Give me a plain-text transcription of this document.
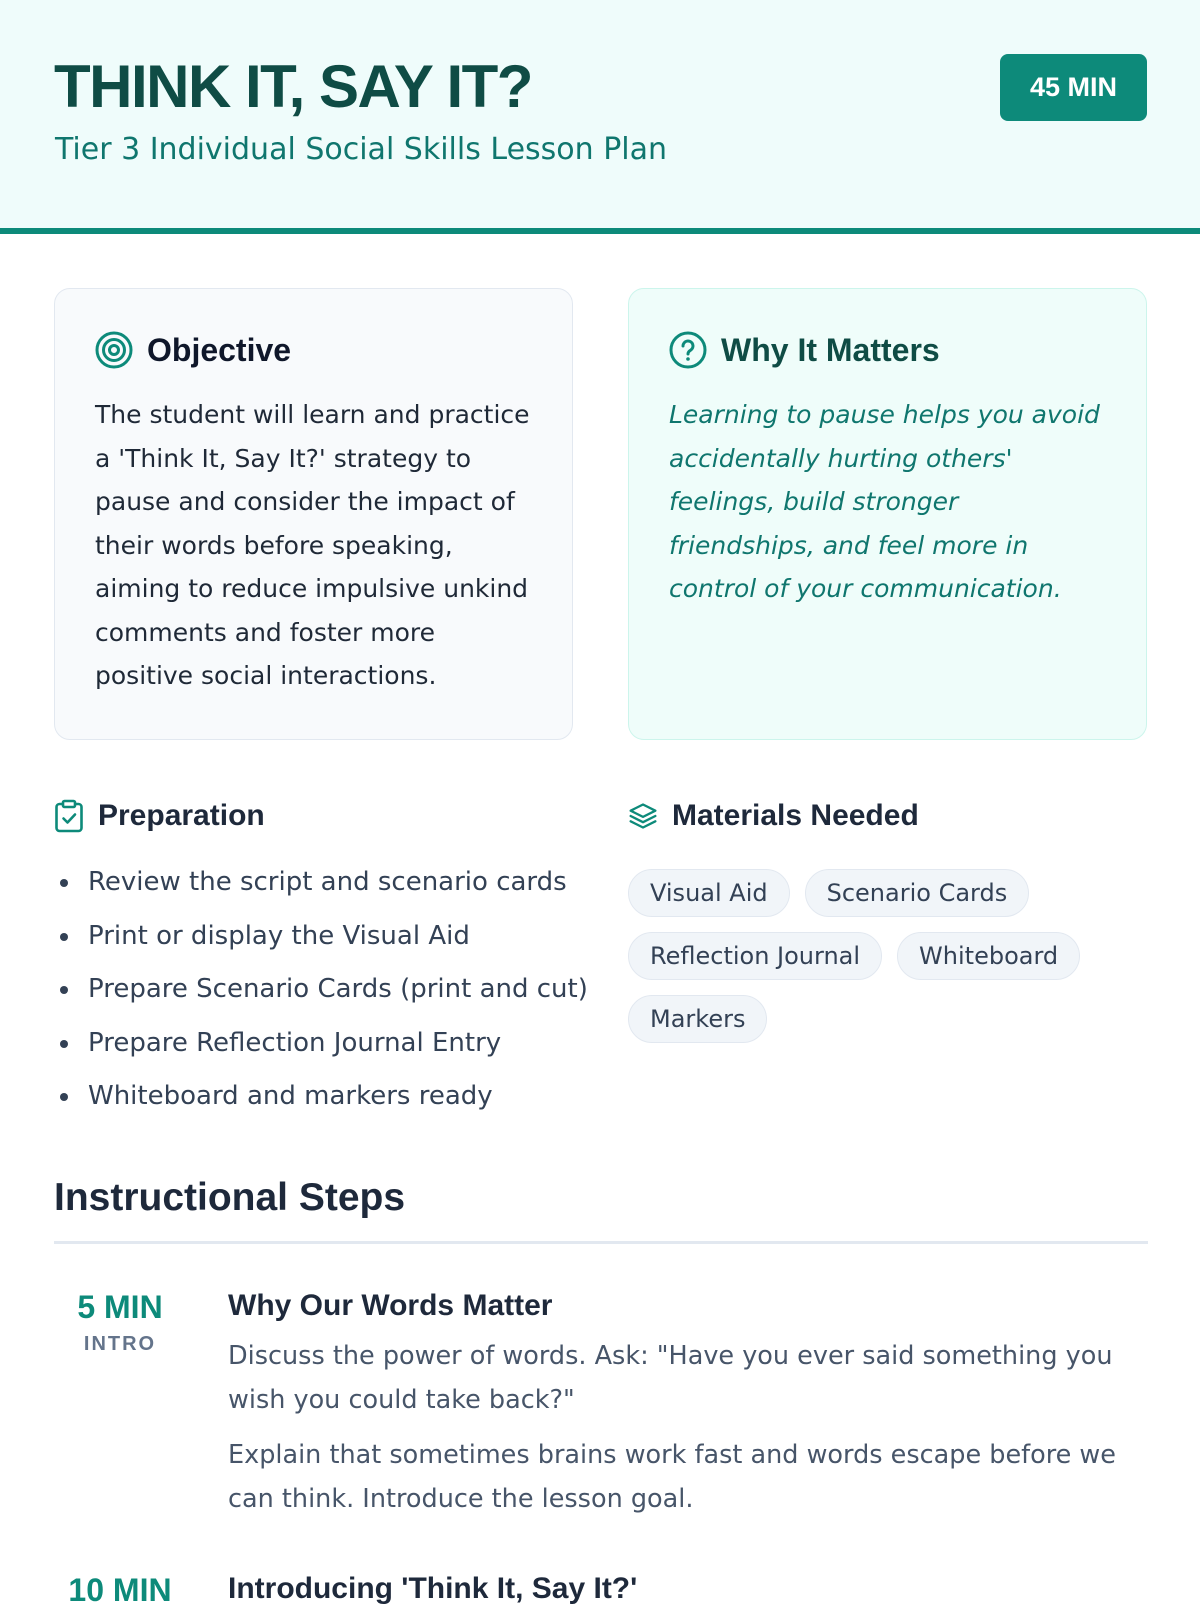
THINK IT, SAY IT?
Tier 3 Individual Social Skills Lesson Plan
45 MIN
Objective
The student will learn and practice a 'Think It, Say It?' strategy to pause and consider the impact of their words before speaking, aiming to reduce impulsive unkind comments and foster more positive social interactions.
Why It Matters
Learning to pause helps you avoid accidentally hurting others' feelings, build stronger friendships, and feel more in control of your communication.
Preparation
Review the script and scenario cards
Print or display the Visual Aid
Prepare Scenario Cards (print and cut)
Prepare Reflection Journal Entry
Whiteboard and markers ready
Materials Needed
Visual Aid	Scenario Cards
Reflection Journal	Whiteboard
Markers
Instructional Steps
5 MIN
INTRO
Why Our Words Matter
Discuss the power of words. Ask: "Have you ever said something you wish you could take back?"
Explain that sometimes brains work fast and words escape before we can think. Introduce the lesson goal.
10 MIN	Introducing 'Think It, Say It?'
